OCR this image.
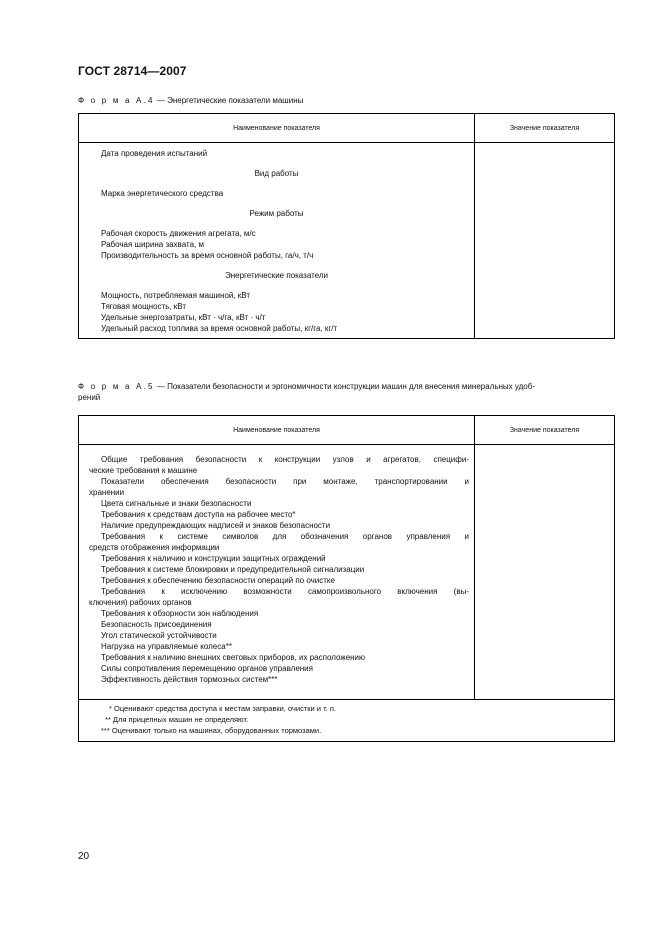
ГОСТ 28714—2007
Ф о р м а А.4 — Энергетические показатели машины
Наименование показателя	Значение показателя
Дата проведения испытаний
Вид работы
Марка энергетического средства
Режим работы
Рабочая скорость движения агрегата, м/с
Рабочая ширина захвата, м
Производительность за время основной работы, га/ч, т/ч
Энергетические показатели
Мощность, потребляемая машиной, кВт
Тяговая мощность, кВт
Удельные энергозатраты, кВт · ч/га, кВт · ч/т
Удельный расход топлива за время основной работы, кг/га, кг/т
Ф о р м а А.5 — Показатели безопасности и эргономичности конструкции машин для внесения минеральных удоб-
рений
Наименование показателя	Значение показателя
Общие требования безопасности к конструкции узлов и агрегатов, специфи-
ческие требования к машине
Показатели обеспечения безопасности при монтаже, транспортировании и
хранении
Цвета сигнальные и знаки безопасности
Требования к средствам доступа на рабочее место*
Наличие предупреждающих надписей и знаков безопасности
Требования к системе символов для обозначения органов управления и
средств отображения информации
Требования к наличию и конструкции защитных ограждений
Требования к системе блокировки и предупредительной сигнализации
Требования к обеспечению безопасности операций по очистке
Требования к исключению возможности самопроизвольного включения (вы-
ключения) рабочих органов
Требования к обзорности зон наблюдения
Безопасность присоединения
Угол статической устойчивости
Нагрузка на управляемые колеса**
Требования к наличию внешних световых приборов, их расположению
Силы сопротивления перемещению органов управления
Эффективность действия тормозных систем***
* Оценивают средства доступа к местам заправки, очистки и т. п.
** Для прицепных машин не определяют.
*** Оценивают только на машинах, оборудованных тормозами.
20
